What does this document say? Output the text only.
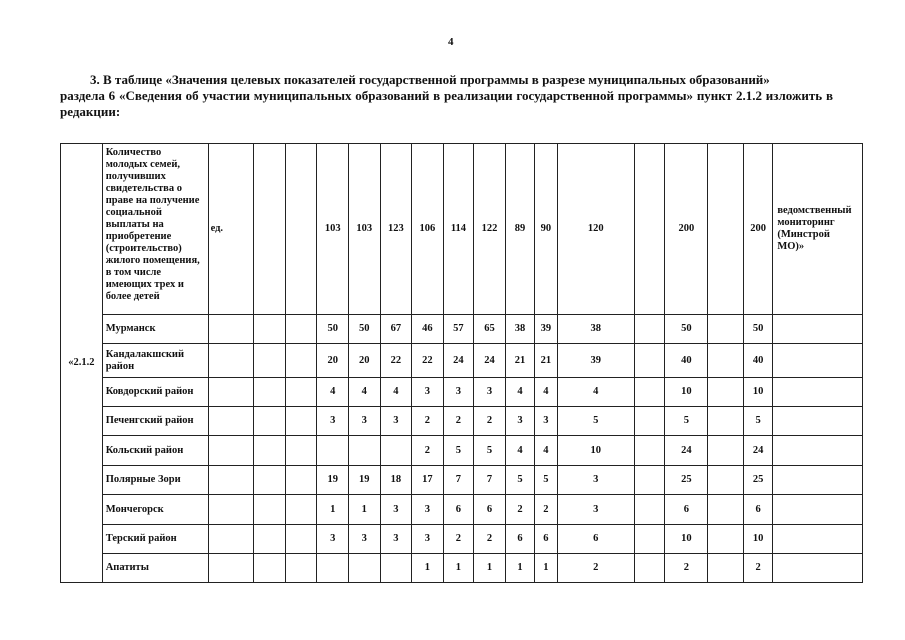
4
3. В таблице «Значения целевых показателей государственной программы в разрезе муниципальных образований»
раздела 6 «Сведения об участии муниципальных образований в реализации государственной программы» пункт 2.1.2 изложить в редакции:
«2.1.2	Количество молодых семей, получивших свидетельства о праве на получение социальной выплаты на приобретение (строительство) жилого помещения, в том числе имеющих трех и более детей	ед.			103	103	123	106	114	122	89	90	120		200		200	ведомственный мониторинг (Минстрой МО)»
	Мурманск				50	50	67	46	57	65	38	39	38		50		50	
	Кандалакшский район				20	20	22	22	24	24	21	21	39		40		40	
	Ковдорский район				4	4	4	3	3	3	4	4	4		10		10	
	Печенгский район				3	3	3	2	2	2	3	3	5		5		5	
	Кольский район							2	5	5	4	4	10		24		24	
	Полярные Зори				19	19	18	17	7	7	5	5	3		25		25	
	Мончегорск				1	1	3	3	6	6	2	2	3		6		6	
	Терский район				3	3	3	3	2	2	6	6	6		10		10	
	Апатиты							1	1	1	1	1	2		2		2	
